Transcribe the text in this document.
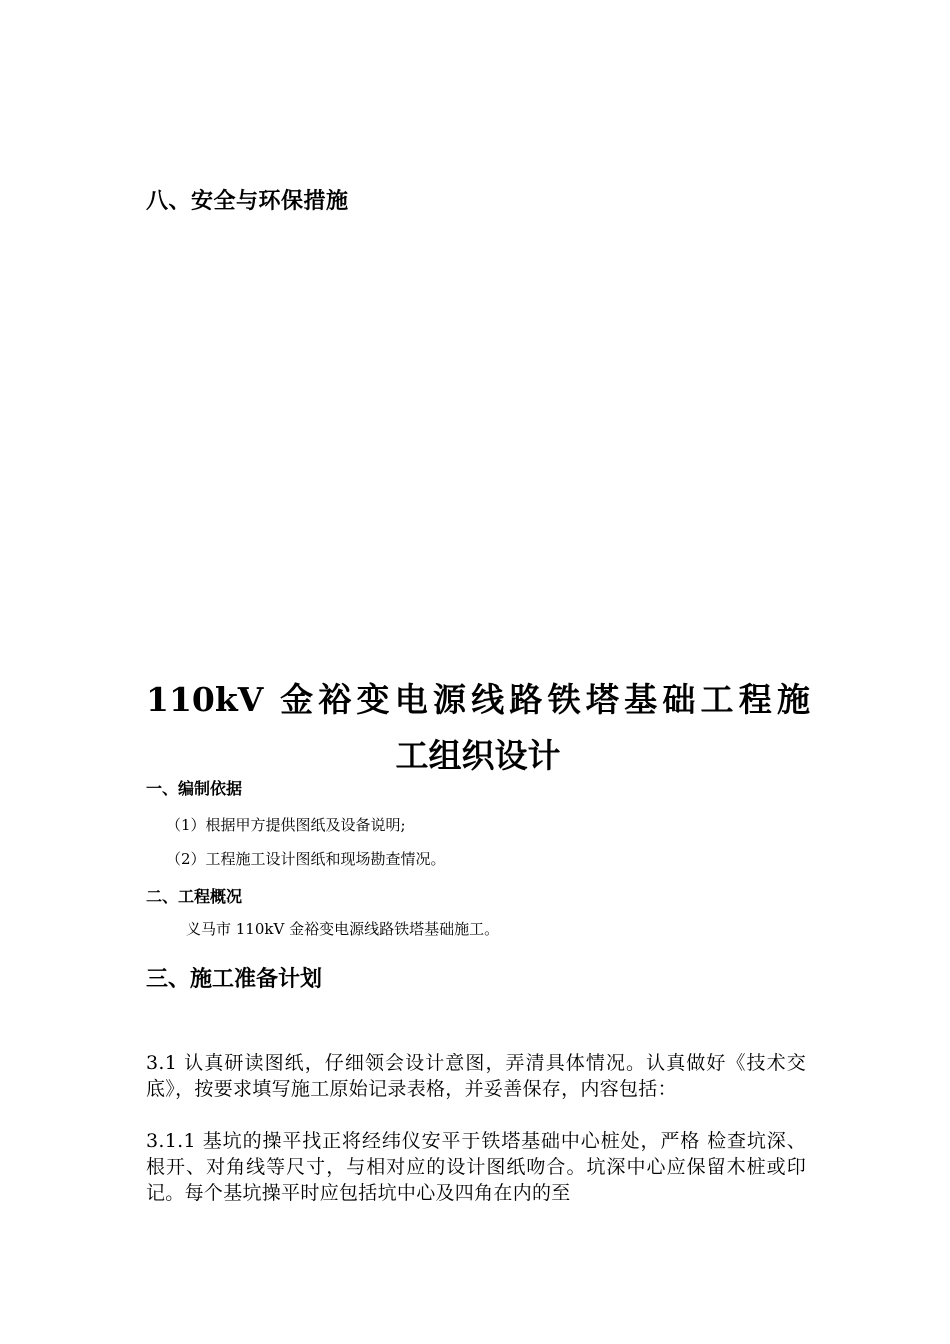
八、安全与环保措施
110kV 金裕变电源线路铁塔基础工程施
工组织设计
一、编制依据
（1）根据甲方提供图纸及设备说明;
（2）工程施工设计图纸和现场勘查情况。
二、工程概况
义马市 110kV 金裕变电源线路铁塔基础施工。
三、施工准备计划
3.1 认真研读图纸，仔细领会设计意图，弄清具体情况。认真做好《技术交底》，按要求填写施工原始记录表格，并妥善保存，内容包括：
3.1.1 基坑的操平找正将经纬仪安平于铁塔基础中心桩处，严格 检查坑深、根开、对角线等尺寸，与相对应的设计图纸吻合。坑深中心应保留木桩或印记。每个基坑操平时应包括坑中心及四角在内的至
